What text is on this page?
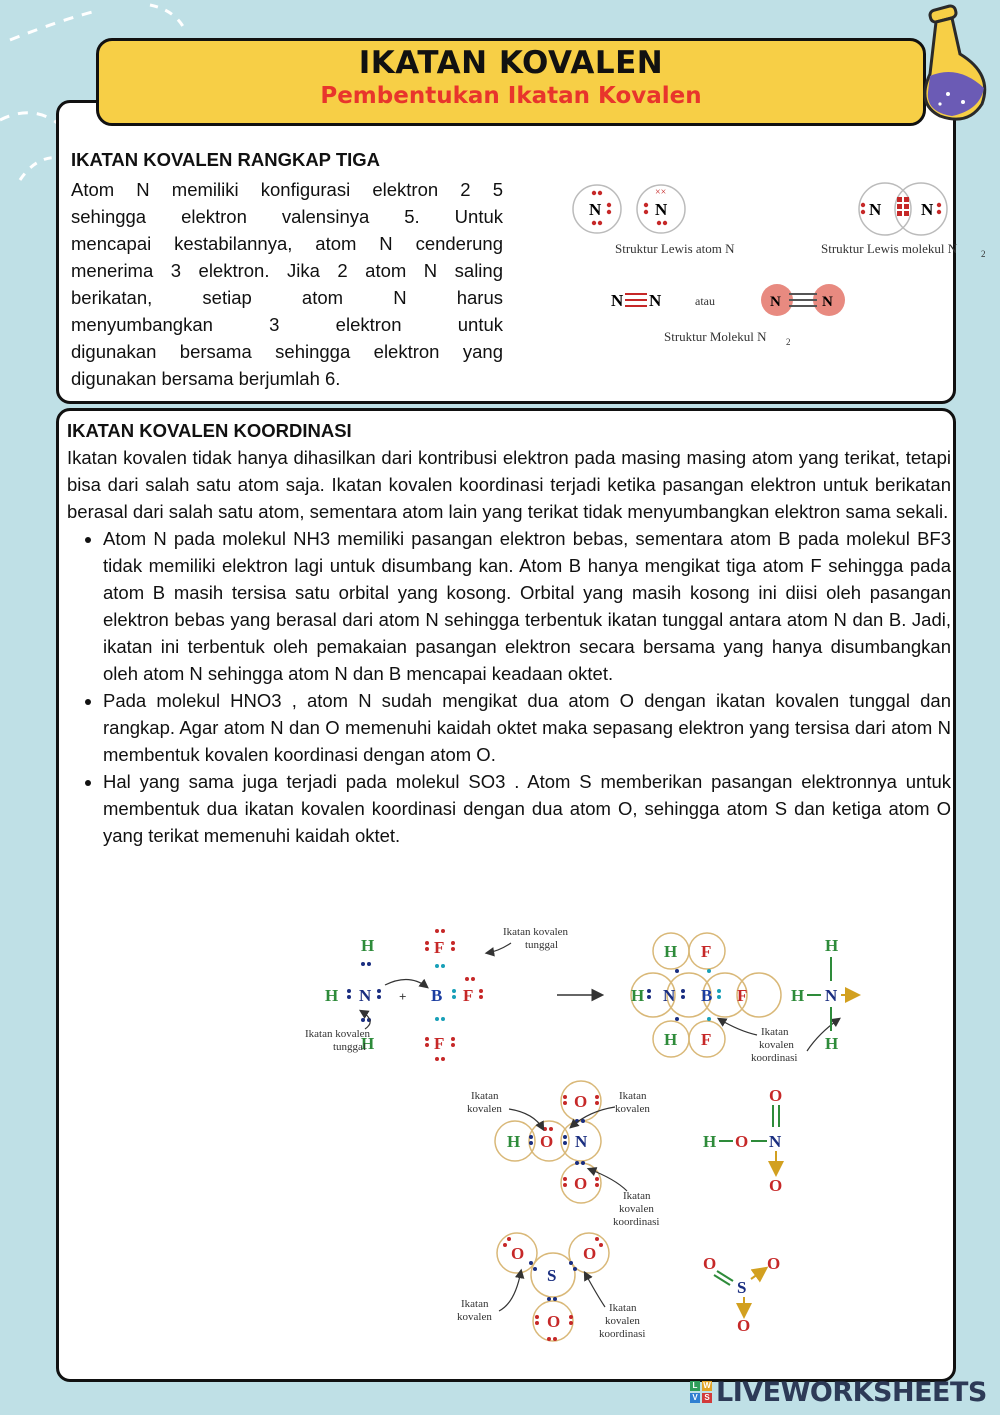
IKATAN KOVALEN
Pembentukan Ikatan Kovalen
IKATAN KOVALEN RANGKAP TIGA
Atom N memiliki konfigurasi elektron 2 5
sehingga elektron valensinya 5. Untuk
mencapai kestabilannya, atom N cenderung
menerima 3 elektron. Jika 2 atom N saling
berikatan, setiap atom N harus
menyumbangkan 3 elektron untuk
digunakan bersama sehingga elektron yang
digunakan bersama berjumlah 6.
N	N
××
Struktur Lewis atom N
N N
Struktur Lewis molekul N	2
N N	atau	N	N
Struktur Molekul N 2
IKATAN KOVALEN KOORDINASI
Ikatan kovalen tidak hanya dihasilkan dari kontribusi elektron pada masing masing atom yang terikat, tetapi bisa dari salah satu atom saja. Ikatan kovalen koordinasi terjadi ketika pasangan elektron untuk berikatan berasal dari salah satu atom, sementara atom lain yang terikat tidak menyumbangkan elektron sama sekali.
• Atom N pada molekul NH3 memiliki pasangan elektron bebas, sementara atom B pada molekul BF3 tidak memiliki elektron lagi untuk disumbang kan. Atom B hanya mengikat tiga atom F sehingga pada atom B masih tersisa satu orbital yang kosong. Orbital yang masih kosong ini diisi oleh pasangan elektron bebas yang berasal dari atom N sehingga terbentuk ikatan tunggal antara atom N dan B. Jadi, ikatan ini terbentuk oleh pemakaian pasangan elektron secara bersama yang hanya disumbangkan oleh atom N sehingga atom N dan B mencapai keadaan oktet.
• Pada molekul HNO3 , atom N sudah mengikat dua atom O dengan ikatan kovalen tunggal dan rangkap. Agar atom N dan O memenuhi kaidah oktet maka sepasang elektron yang tersisa dari atom N membentuk kovalen koordinasi dengan atom O.
• Hal yang sama juga terjadi pada molekul SO3 . Atom S memberikan pasangan elektronnya untuk membentuk dua ikatan kovalen koordinasi dengan dua atom O, sehingga atom S dan ketiga atom O yang terikat memenuhi kaidah oktet.
H
H N
H
+ B
F
F
F
Ikatan kovalen
tunggal
Ikatan kovalen
tunggal
H N B F
H F
H F	Ikatan
kovalen
koordinasi
H
H N
H
H O N
O
O
Ikatan
kovalen
Ikatan
kovalen
Ikatan
kovalen
koordinasi
O
H O N
O
O
S
O
O
Ikatan
kovalen
Ikatan
kovalen
koordinasi
O
S
O
O
L W
V S LIVEWORKSHEETS
